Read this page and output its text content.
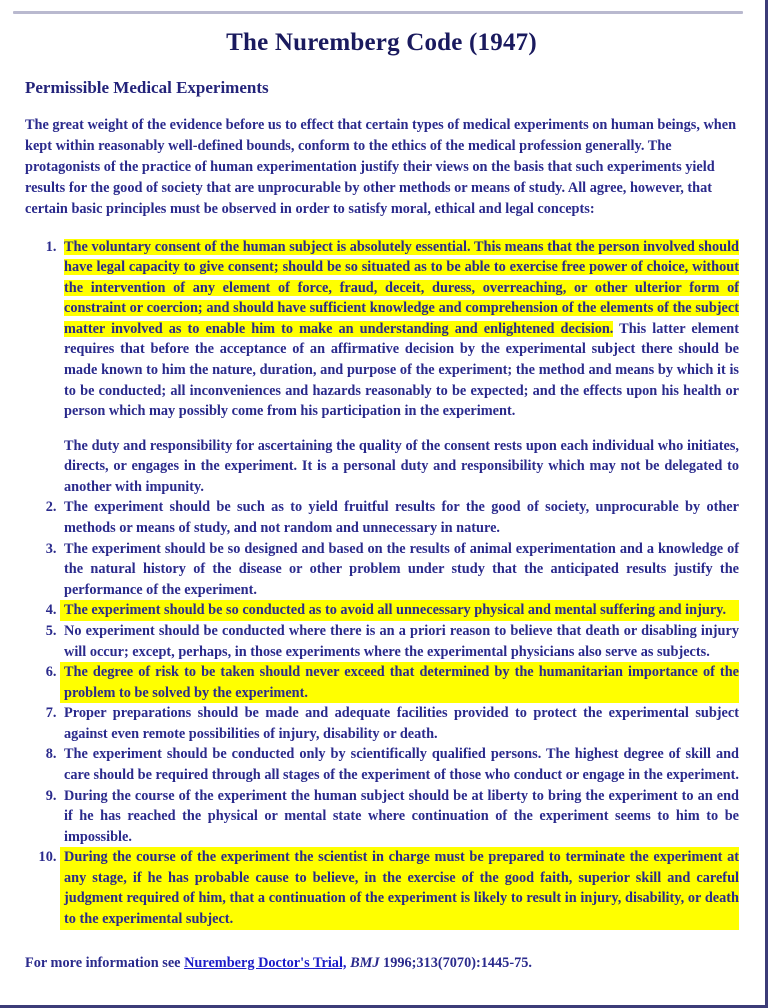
The Nuremberg Code (1947)
Permissible Medical Experiments

The great weight of the evidence before us to effect that certain types of medical experiments on human beings, when kept within reasonably well-defined bounds, conform to the ethics of the medical profession generally. The protagonists of the practice of human experimentation justify their views on the basis that such experiments yield results for the good of society that are unprocurable by other methods or means of study. All agree, however, that certain basic principles must be observed in order to satisfy moral, ethical and legal concepts:

1. The voluntary consent of the human subject is absolutely essential. This means that the person involved should have legal capacity to give consent; should be so situated as to be able to exercise free power of choice, without the intervention of any element of force, fraud, deceit, duress, overreaching, or other ulterior form of constraint or coercion; and should have sufficient knowledge and comprehension of the elements of the subject matter involved as to enable him to make an understanding and enlightened decision. This latter element requires that before the acceptance of an affirmative decision by the experimental subject there should be made known to him the nature, duration, and purpose of the experiment; the method and means by which it is to be conducted; all inconveniences and hazards reasonably to be expected; and the effects upon his health or person which may possibly come from his participation in the experiment.

The duty and responsibility for ascertaining the quality of the consent rests upon each individual who initiates, directs, or engages in the experiment. It is a personal duty and responsibility which may not be delegated to another with impunity.

2. The experiment should be such as to yield fruitful results for the good of society, unprocurable by other methods or means of study, and not random and unnecessary in nature.
3. The experiment should be so designed and based on the results of animal experimentation and a knowledge of the natural history of the disease or other problem under study that the anticipated results justify the performance of the experiment.
4. The experiment should be so conducted as to avoid all unnecessary physical and mental suffering and injury.
5. No experiment should be conducted where there is an a priori reason to believe that death or disabling injury will occur; except, perhaps, in those experiments where the experimental physicians also serve as subjects.
6. The degree of risk to be taken should never exceed that determined by the humanitarian importance of the problem to be solved by the experiment.
7. Proper preparations should be made and adequate facilities provided to protect the experimental subject against even remote possibilities of injury, disability or death.
8. The experiment should be conducted only by scientifically qualified persons. The highest degree of skill and care should be required through all stages of the experiment of those who conduct or engage in the experiment.
9. During the course of the experiment the human subject should be at liberty to bring the experiment to an end if he has reached the physical or mental state where continuation of the experiment seems to him to be impossible.
10. During the course of the experiment the scientist in charge must be prepared to terminate the experiment at any stage, if he has probable cause to believe, in the exercise of the good faith, superior skill and careful judgment required of him, that a continuation of the experiment is likely to result in injury, disability, or death to the experimental subject.

For more information see Nuremberg Doctor's Trial, BMJ 1996;313(7070):1445-75.
